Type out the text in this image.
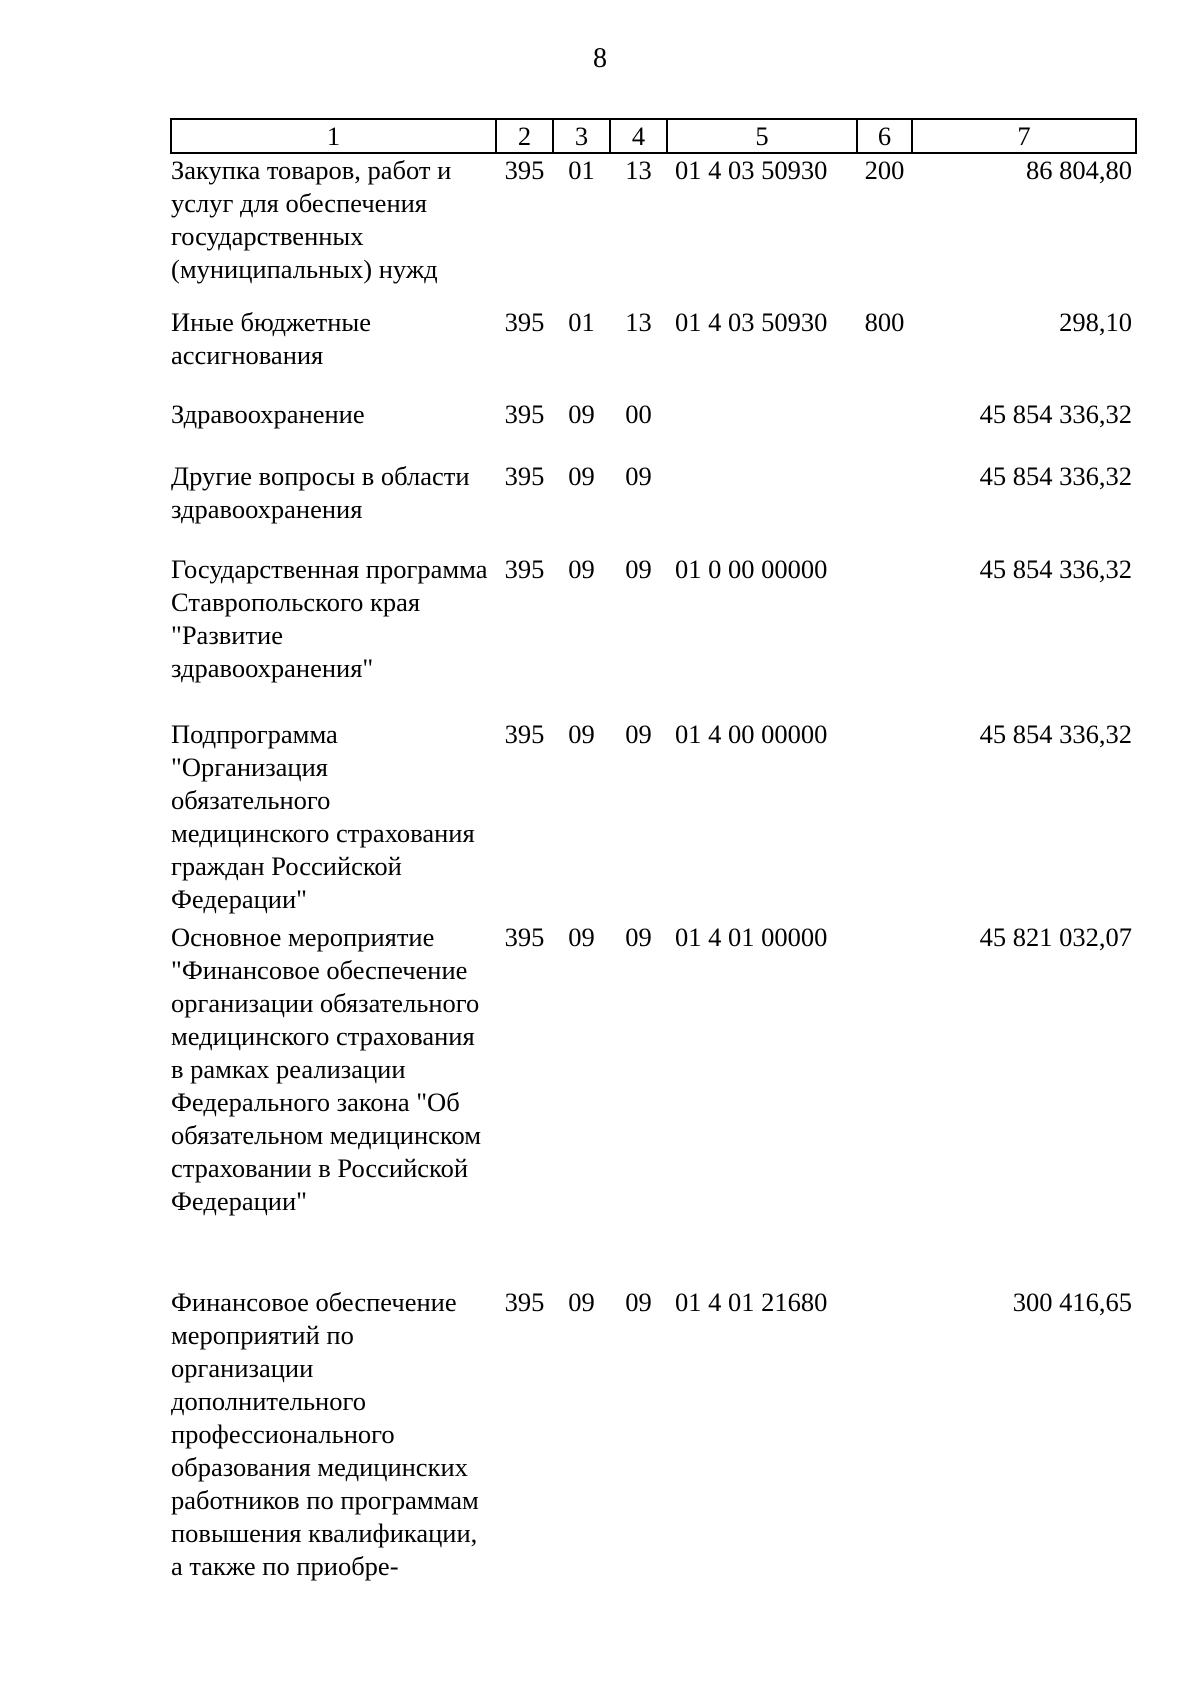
8
1	2	3	4	5	6	7
Закупка товаров, работ и услуг для обеспечения государственных (муниципальных) нужд	395	01	13	01 4 03 50930	200	86 804,80
Иные бюджетные ассигнования	395	01	13	01 4 03 50930	800	298,10
Здравоохранение	395	09	00			45 854 336,32
Другие вопросы в области здравоохранения	395	09	09			45 854 336,32
Государственная программа Ставропольского края "Развитие здравоохранения"	395	09	09	01 0 00 00000		45 854 336,32
Подпрограмма "Организация обязательного медицинского страхования граждан Российской Федерации"	395	09	09	01 4 00 00000		45 854 336,32
Основное мероприятие "Финансовое обеспечение организации обязательного медицинского страхования в рамках реализации Федерального закона "Об обязательном медицинском страховании в Российской Федерации"	395	09	09	01 4 01 00000		45 821 032,07
Финансовое обеспечение мероприятий по организации дополнительного профессионального образования медицинских работников по программам повышения квалификации, а также по приобре-	395	09	09	01 4 01 21680		300 416,65
